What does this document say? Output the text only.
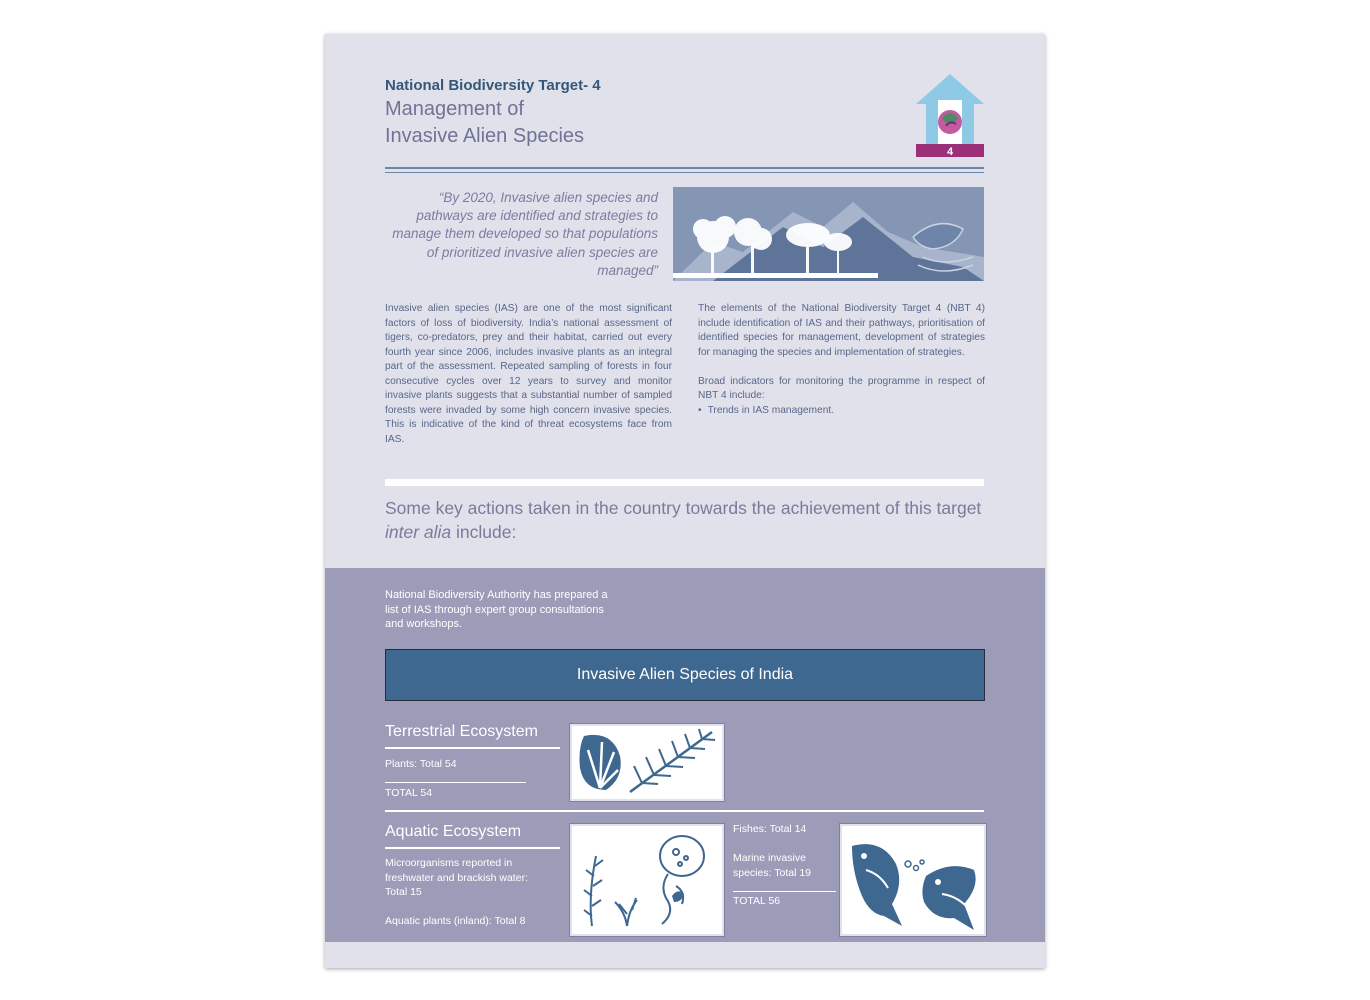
National Biodiversity Target- 4
Management of
Invasive Alien Species
4
“By 2020, Invasive alien species and pathways are identified and strategies to manage them developed so that populations of prioritized invasive alien species are managed”

Invasive alien species (IAS) are one of the most significant factors of loss of biodiversity. India’s national assessment of tigers, co-predators, prey and their habitat, carried out every fourth year since 2006, includes invasive plants as an integral part of the assessment. Repeated sampling of forests in four consecutive cycles over 12 years to survey and monitor invasive plants suggests that a substantial number of sampled forests were invaded by some high concern invasive species. This is indicative of the kind of threat ecosystems face from IAS.

The elements of the National Biodiversity Target 4 (NBT 4) include identification of IAS and their pathways, prioritisation of identified species for management, development of strategies for managing the species and implementation of strategies.

Broad indicators for monitoring the programme in respect of NBT 4 include:

• Trends in IAS management.
Some key actions taken in the country towards the achievement of this target inter alia include:
National Biodiversity Authority has prepared a list of IAS through expert group consultations and workshops.
Invasive Alien Species of India
Terrestrial Ecosystem
Plants: Total 54
TOTAL 54
Aquatic Ecosystem
Microorganisms reported in freshwater and brackish water: Total 15
Aquatic plants (inland): Total 8
Fishes: Total 14
Marine invasive species: Total 19
TOTAL 56
